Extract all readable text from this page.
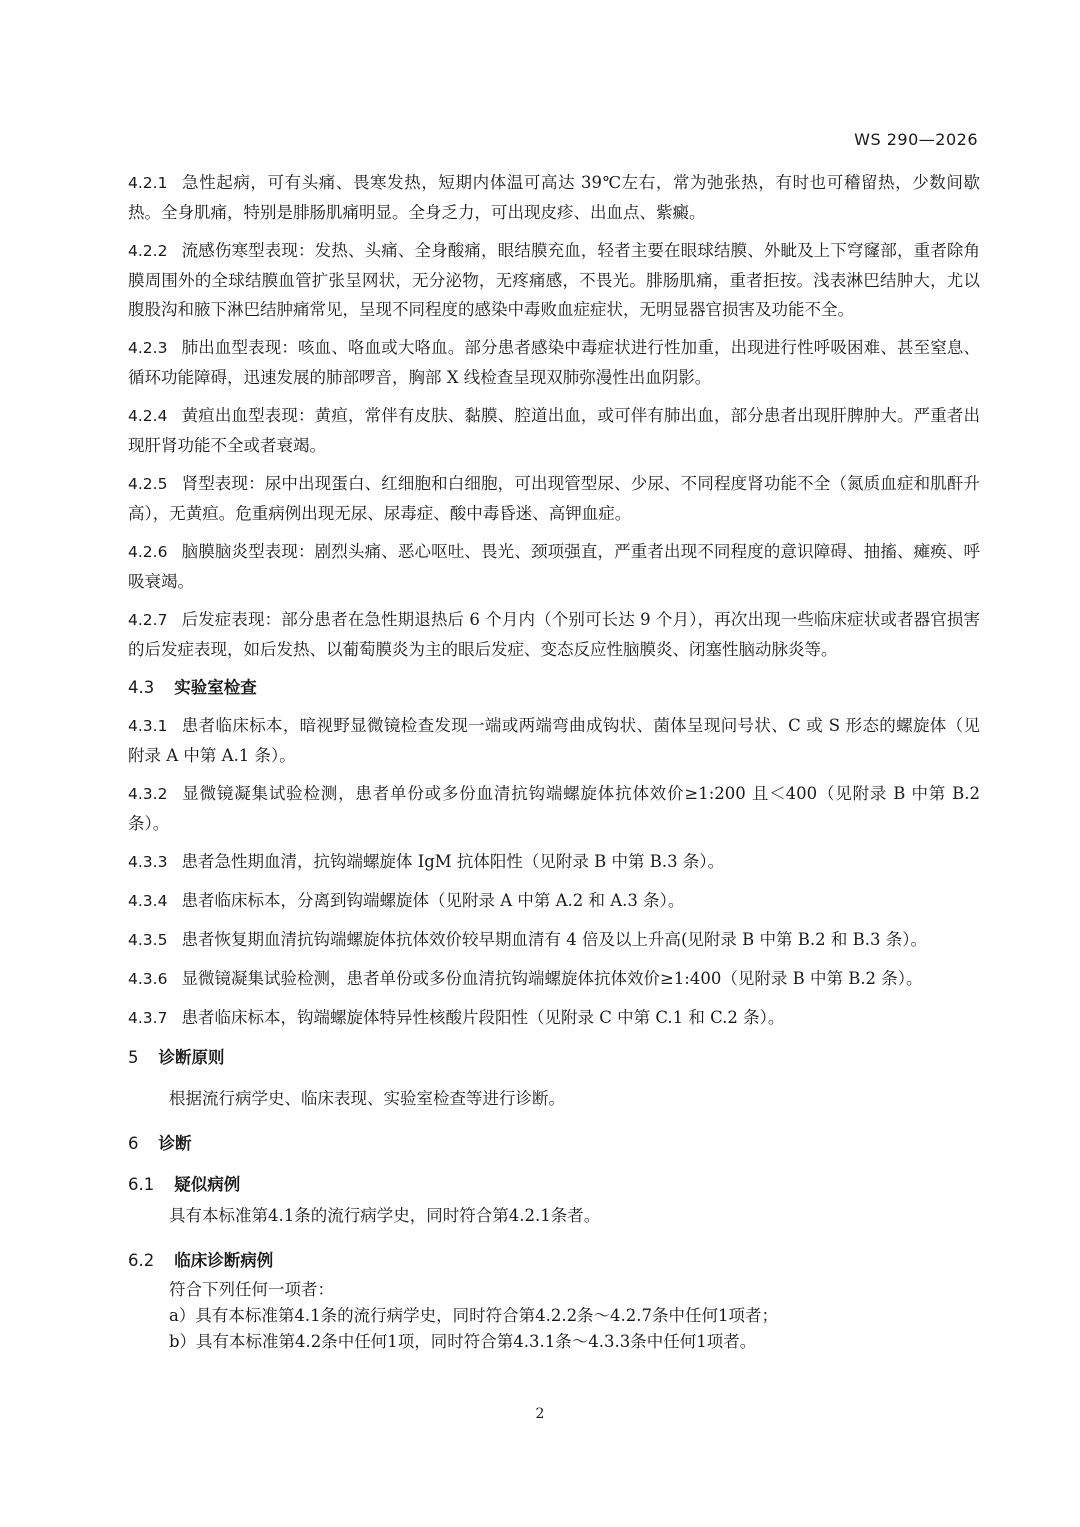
WS 290—2026

4.2.1 急性起病，可有头痛、畏寒发热，短期内体温可高达 39℃左右，常为弛张热，有时也可稽留热，少数间歇热。全身肌痛，特别是腓肠肌痛明显。全身乏力，可出现皮疹、出血点、紫癜。

4.2.2 流感伤寒型表现：发热、头痛、全身酸痛，眼结膜充血，轻者主要在眼球结膜、外眦及上下穹窿部，重者除角膜周围外的全球结膜血管扩张呈网状，无分泌物，无疼痛感，不畏光。腓肠肌痛，重者拒按。浅表淋巴结肿大，尤以腹股沟和腋下淋巴结肿痛常见，呈现不同程度的感染中毒败血症症状，无明显器官损害及功能不全。

4.2.3 肺出血型表现：咳血、咯血或大咯血。部分患者感染中毒症状进行性加重，出现进行性呼吸困难、甚至窒息、循环功能障碍，迅速发展的肺部啰音，胸部 X 线检查呈现双肺弥漫性出血阴影。

4.2.4 黄疸出血型表现：黄疸，常伴有皮肤、黏膜、腔道出血，或可伴有肺出血，部分患者出现肝脾肿大。严重者出现肝肾功能不全或者衰竭。

4.2.5 肾型表现：尿中出现蛋白、红细胞和白细胞，可出现管型尿、少尿、不同程度肾功能不全（氮质血症和肌酐升高），无黄疸。危重病例出现无尿、尿毒症、酸中毒昏迷、高钾血症。

4.2.6 脑膜脑炎型表现：剧烈头痛、恶心呕吐、畏光、颈项强直，严重者出现不同程度的意识障碍、抽搐、瘫痪、呼吸衰竭。

4.2.7 后发症表现：部分患者在急性期退热后 6 个月内（个别可长达 9 个月），再次出现一些临床症状或者器官损害的后发症表现，如后发热、以葡萄膜炎为主的眼后发症、变态反应性脑膜炎、闭塞性脑动脉炎等。

4.3 实验室检查

4.3.1 患者临床标本，暗视野显微镜检查发现一端或两端弯曲成钩状、菌体呈现问号状、C 或 S 形态的螺旋体（见附录 A 中第 A.1 条）。

4.3.2 显微镜凝集试验检测，患者单份或多份血清抗钩端螺旋体抗体效价≥1:200 且＜400（见附录 B 中第 B.2 条）。

4.3.3 患者急性期血清，抗钩端螺旋体 IgM 抗体阳性（见附录 B 中第 B.3 条）。

4.3.4 患者临床标本，分离到钩端螺旋体（见附录 A 中第 A.2 和 A.3 条）。

4.3.5 患者恢复期血清抗钩端螺旋体抗体效价较早期血清有 4 倍及以上升高(见附录 B 中第 B.2 和 B.3 条）。

4.3.6 显微镜凝集试验检测，患者单份或多份血清抗钩端螺旋体抗体效价≥1:400（见附录 B 中第 B.2 条）。

4.3.7 患者临床标本，钩端螺旋体特异性核酸片段阳性（见附录 C 中第 C.1 和 C.2 条）。

5 诊断原则

根据流行病学史、临床表现、实验室检查等进行诊断。

6 诊断
6.1 疑似病例

具有本标准第4.1条的流行病学史，同时符合第4.2.1条者。

6.2 临床诊断病例

符合下列任何一项者：

a）具有本标准第4.1条的流行病学史，同时符合第4.2.2条～4.2.7条中任何1项者；

b）具有本标准第4.2条中任何1项，同时符合第4.3.1条～4.3.3条中任何1项者。

2
